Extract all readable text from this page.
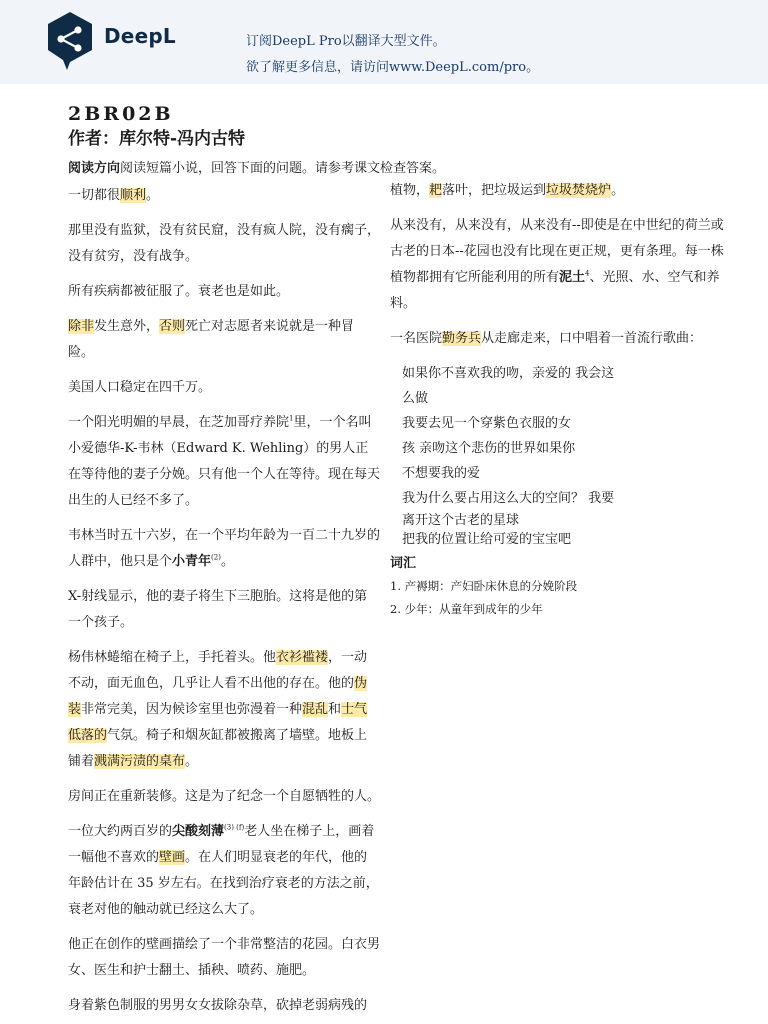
DeepL	订阅DeepL Pro以翻译大型文件。
欲了解更多信息，请访问www.DeepL.com/pro。
2BR02B
作者：库尔特-冯内古特
阅读方向阅读短篇小说，回答下面的问题。请参考课文检查答案。

一切都很顺利。

那里没有监狱，没有贫民窟，没有疯人院，没有瘸子，没有贫穷，没有战争。

所有疾病都被征服了。衰老也是如此。

除非发生意外，否则死亡对志愿者来说就是一种冒险。

美国人口稳定在四千万。

一个阳光明媚的早晨，在芝加哥疗养院$^1$里，一个名叫小爱德华-K-韦林（Edward K. Wehling）的男人正在等待他的妻子分娩。只有他一个人在等待。现在每天出生的人已经不多了。

韦林当时五十六岁，在一个平均年龄为一百二十九岁的人群中，他只是个小青年$^{(2)}$。

X-射线显示，他的妻子将生下三胞胎。这将是他的第一个孩子。

杨伟林蜷缩在椅子上，手托着头。他衣衫褴褛，一动不动，面无血色，几乎让人看不出他的存在。他的伪装非常完美，因为候诊室里也弥漫着一种混乱和士气低落的气氛。椅子和烟灰缸都被搬离了墙壁。地板上铺着溅满污渍的桌布。

房间正在重新装修。这是为了纪念一个自愿牺牲的人。

一位大约两百岁的尖酸刻薄$^{(3) (f)}$老人坐在梯子上，画着一幅他不喜欢的壁画。在人们明显衰老的年代，他的年龄估计在 35 岁左右。在找到治疗衰老的方法之前，衰老对他的触动就已经这么大了。

他正在创作的壁画描绘了一个非常整洁的花园。白衣男女、医生和护士翻土、插秧、喷药、施肥。

身着紫色制服的男男女女拔除杂草，砍掉老弱病残的

植物，耙落叶，把垃圾运到垃圾焚烧炉。

从来没有，从来没有，从来没有--即使是在中世纪的荷兰或古老的日本--花园也没有比现在更正规，更有条理。每一株植物都拥有它所能利用的所有泥土$^4$、光照、水、空气和养料。

一名医院勤务兵从走廊走来，口中唱着一首流行歌曲：

如果你不喜欢我的吻，亲爱的 我会这
么做
我要去见一个穿紫色衣服的女
孩 亲吻这个悲伤的世界如果你
不想要我的爱
我为什么要占用这么大的空间？ 我要
离开这个古老的星球
把我的位置让给可爱的宝宝吧
词汇
1. 产褥期：产妇卧床休息的分娩阶段
2. 少年：从童年到成年的少年
